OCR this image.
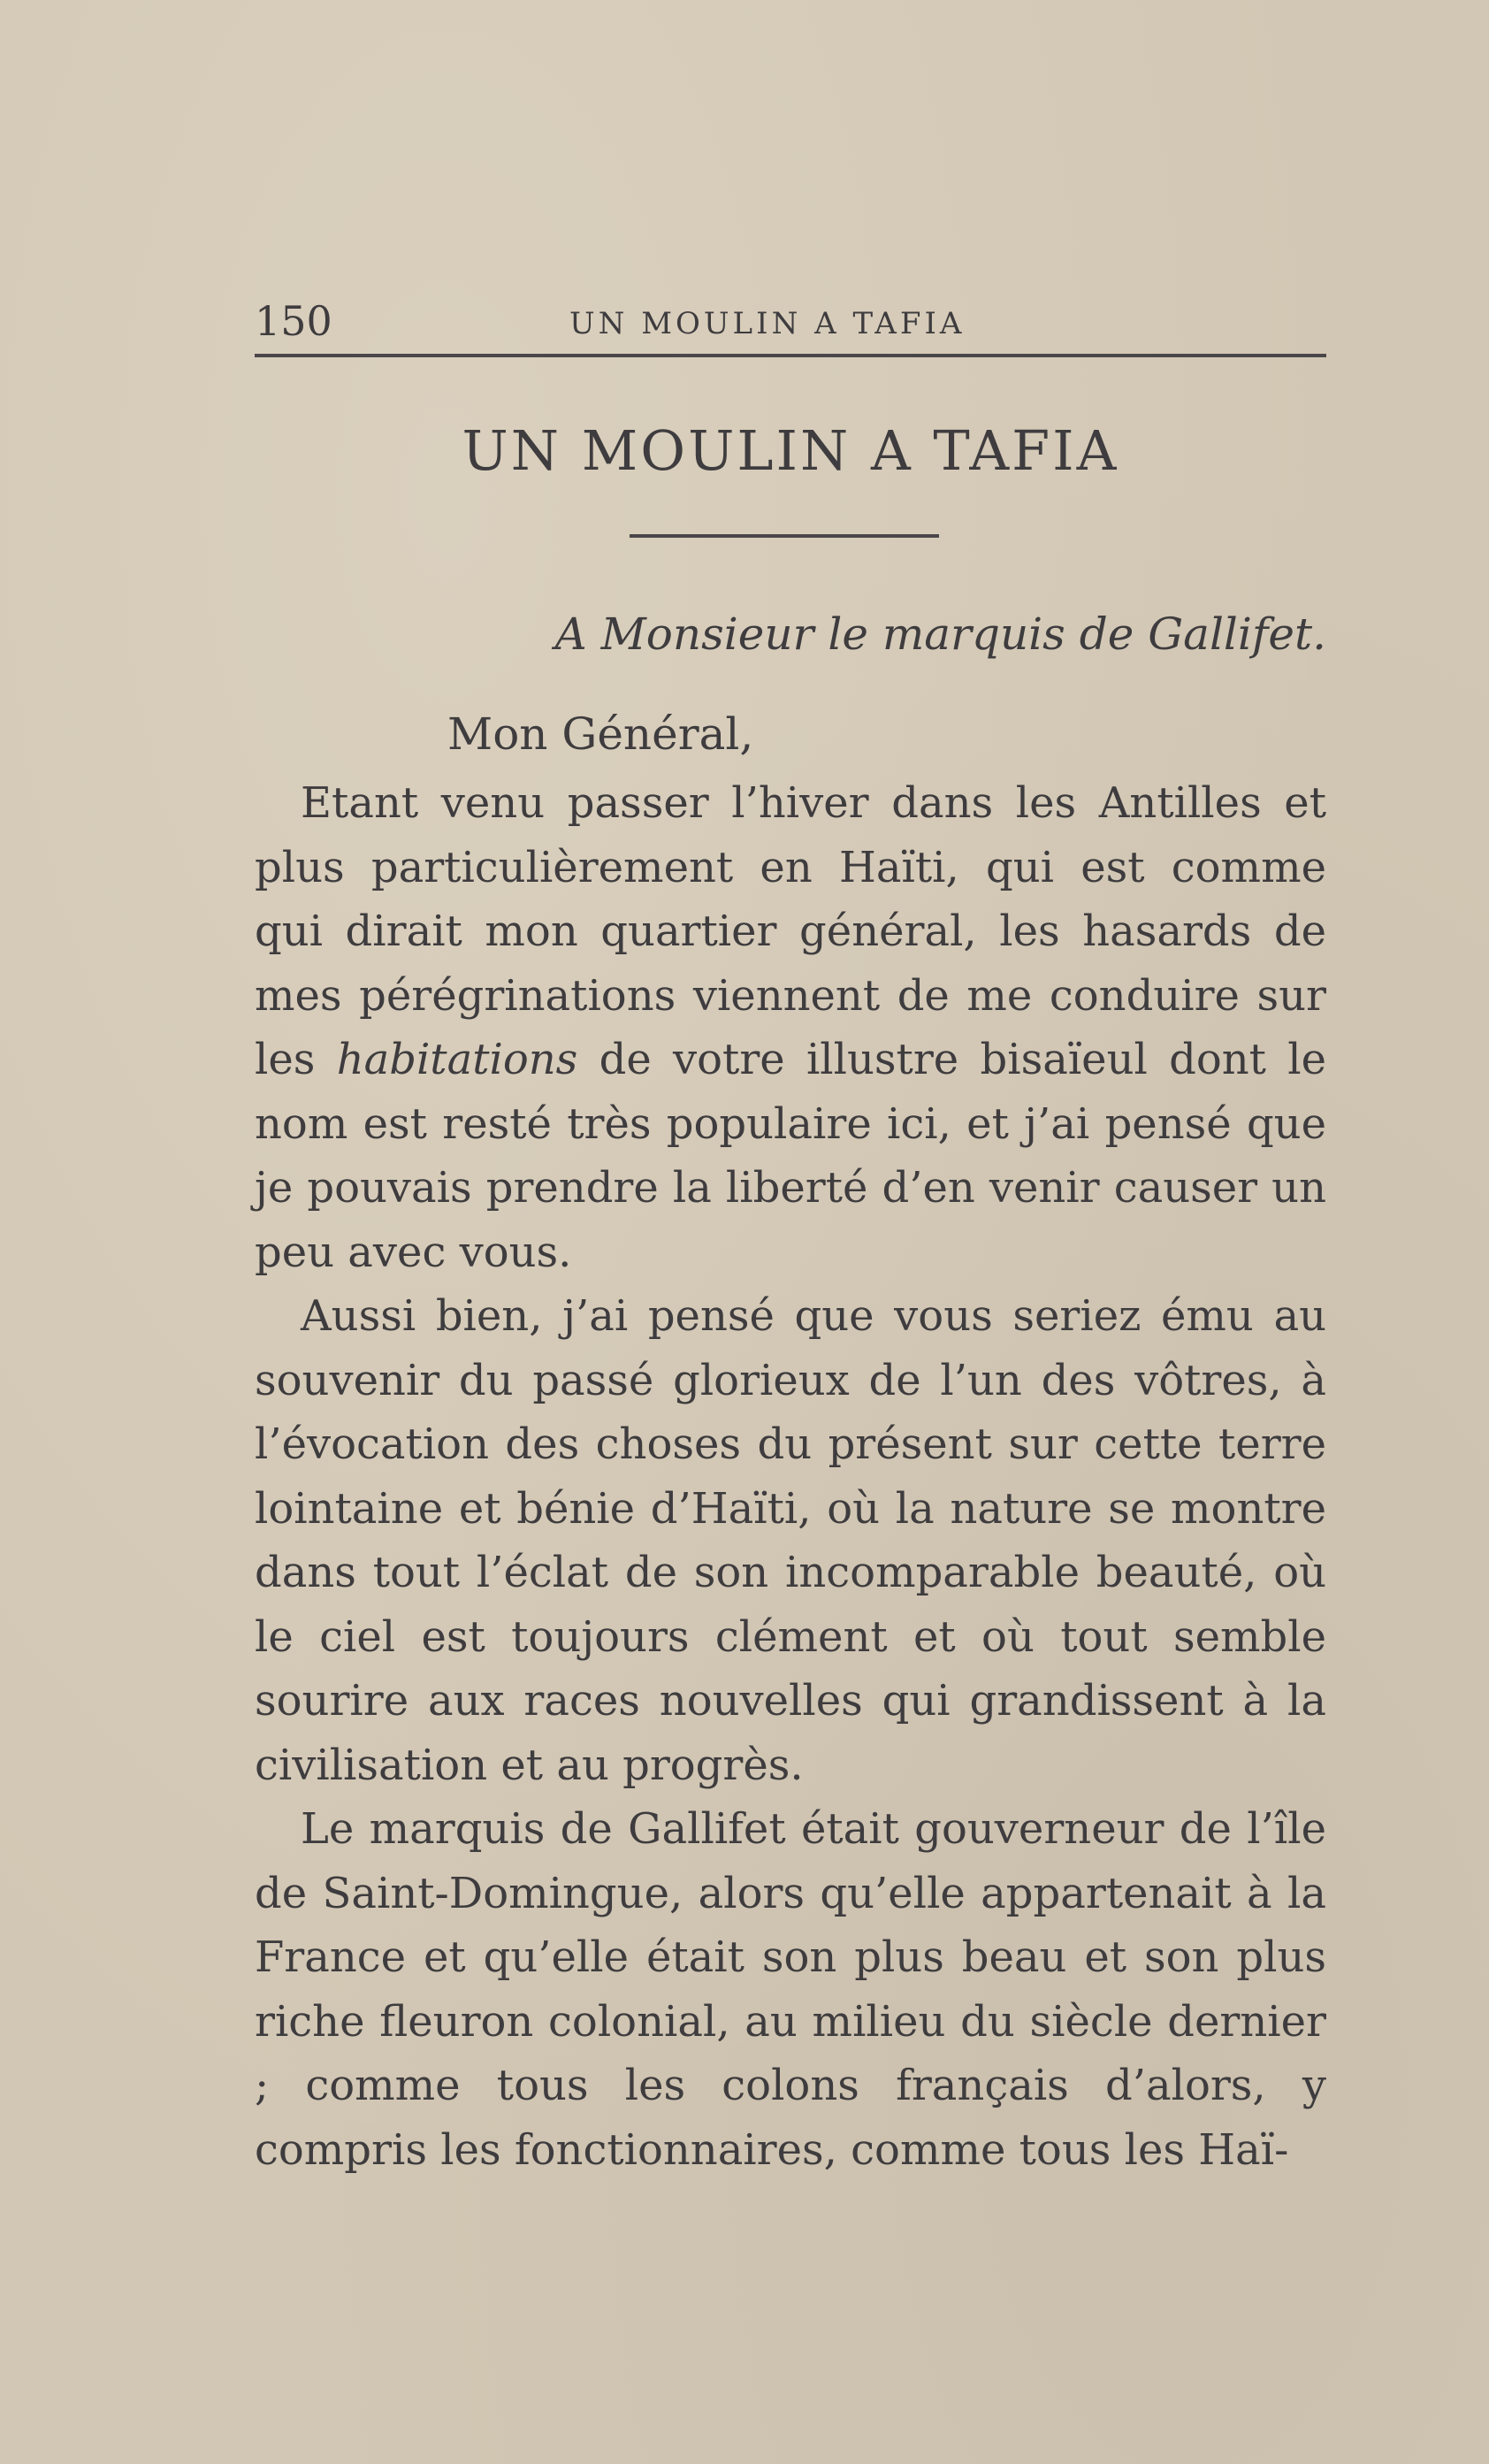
150	UN MOULIN A TAFIA
UN MOULIN A TAFIA
A Monsieur le marquis de Gallifet.
Mon Général,

Etant venu passer l’hiver dans les Antilles et plus particulièrement en Haïti, qui est comme qui dirait mon quartier général, les hasards de mes pérégrinations viennent de me conduire sur les habitations de votre illustre bisaïeul dont le nom est resté très populaire ici, et j’ai pensé que je pouvais prendre la liberté d’en venir causer un peu avec vous.

Aussi bien, j’ai pensé que vous seriez ému au souvenir du passé glorieux de l’un des vôtres, à l’évocation des choses du présent sur cette terre lointaine et bénie d’Haïti, où la nature se montre dans tout l’éclat de son incomparable beauté, où le ciel est toujours clément et où tout semble sourire aux races nouvelles qui grandissent à la civilisation et au progrès.

Le marquis de Gallifet était gouverneur de l’île de Saint-Domingue, alors qu’elle appartenait à la France et qu’elle était son plus beau et son plus riche fleuron colonial, au milieu du siècle dernier ; comme tous les colons français d’alors, y compris les fonctionnaires, comme tous les Haï-
